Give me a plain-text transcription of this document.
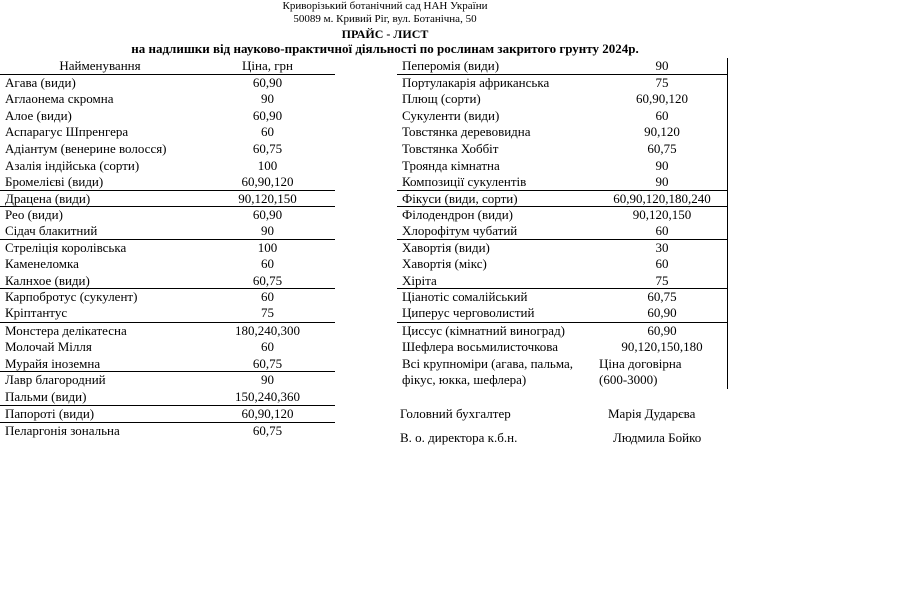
Криворізький ботанічний сад НАН України
50089 м. Кривий Ріг, вул. Ботанічна, 50
ПРАЙС - ЛИСТ
на надлишки від науково-практичної діяльності по рослинам закритого грунту 2024р.
Найменування	Ціна, грн
Агава (види)	60,90
Аглаонема скромна	90
Алое (види)	60,90
Аспарагус Шпренгера	60
Адіантум (венерине волосся)	60,75
Азалія індійська (сорти)	100
Бромелієві (види)	60,90,120
Драцена (види)	90,120,150
Рео (види)	60,90
Сідач блакитний	90
Стреліція королівська	100
Каменеломка	60
Калнхое (види)	60,75
Карпобротус (сукулент)	60
Кріптантус	75
Монстера делікатесна	180,240,300
Молочай Мілля	60
Мурайя іноземна	60,75
Лавр благородний	90
Пальми (види)	150,240,360
Папороті (види)	60,90,120
Пеларгонія зональна	60,75
Пеперомія (види)	90
Портулакарія африканська	75
Плющ (сорти)	60,90,120
Сукуленти (види)	60
Товстянка деревовидна	90,120
Товстянка Хоббіт	60,75
Троянда кімнатна	90
Композиції сукулентів	90
Фікуси (види, сорти)	60,90,120,180,240
Філодендрон (види)	90,120,150
Хлорофітум чубатий	60
Хавортія (види)	30
Хавортія (мікс)	60
Хіріта	75
Ціанотіс сомалійський	60,75
Циперус черговолистий	60,90
Циссус (кімнатний виноград)	60,90
Шефлера восьмилисточкова	90,120,150,180
Всі крупноміри (агава, пальма,
фікус, юкка, шефлера)
Ціна договірна
(600-3000)
Головний бухгалтер	Марія Дударєва
В. о. директора к.б.н.	Людмила Бойко
